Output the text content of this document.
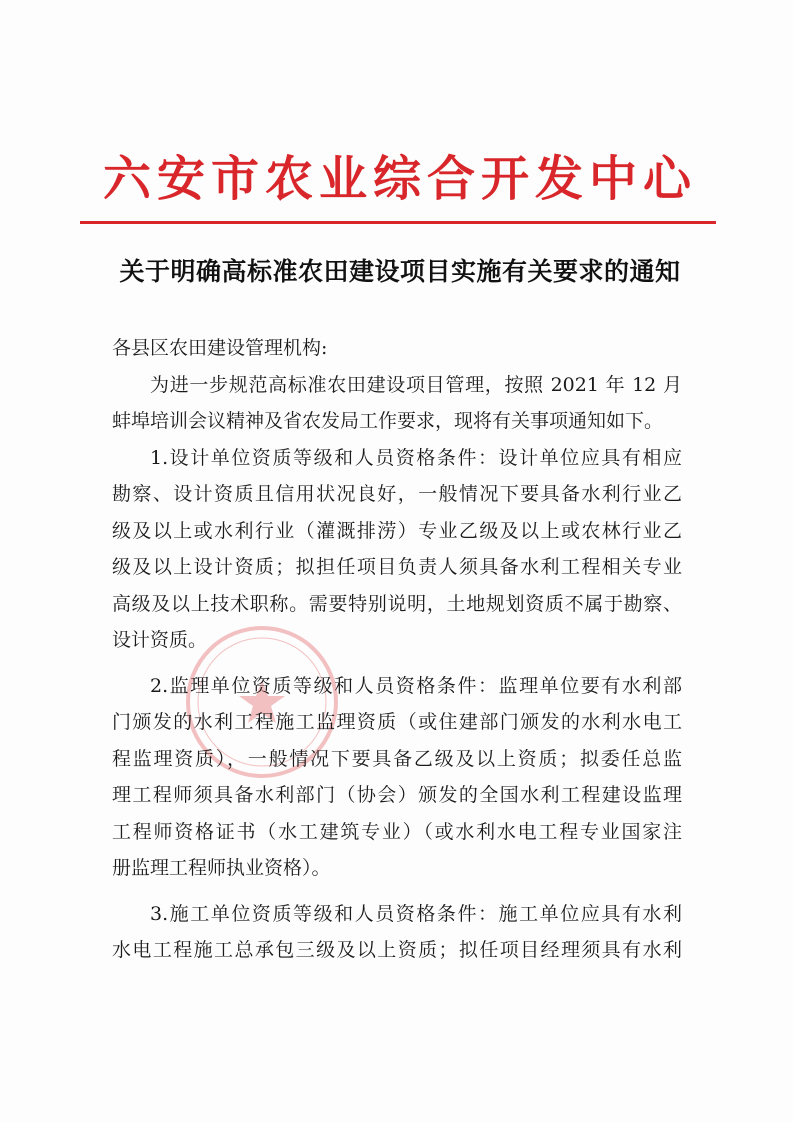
六安市农业综合开发中心
关于明确高标准农田建设项目实施有关要求的通知
各县区农田建设管理机构:
为进一步规范高标准农田建设项目管理，按照 2021 年 12 月
蚌埠培训会议精神及省农发局工作要求，现将有关事项通知如下。
1.设计单位资质等级和人员资格条件：设计单位应具有相应
勘察、设计资质且信用状况良好，一般情况下要具备水利行业乙
级及以上或水利行业（灌溉排涝）专业乙级及以上或农林行业乙
级及以上设计资质；拟担任项目负责人须具备水利工程相关专业
高级及以上技术职称。需要特别说明，土地规划资质不属于勘察、
设计资质。
2.监理单位资质等级和人员资格条件：监理单位要有水利部
门颁发的水利工程施工监理资质（或住建部门颁发的水利水电工
程监理资质），一般情况下要具备乙级及以上资质；拟委任总监
理工程师须具备水利部门（协会）颁发的全国水利工程建设监理
工程师资格证书（水工建筑专业）（或水利水电工程专业国家注
册监理工程师执业资格）。
3.施工单位资质等级和人员资格条件：施工单位应具有水利
水电工程施工总承包三级及以上资质；拟任项目经理须具有水利
